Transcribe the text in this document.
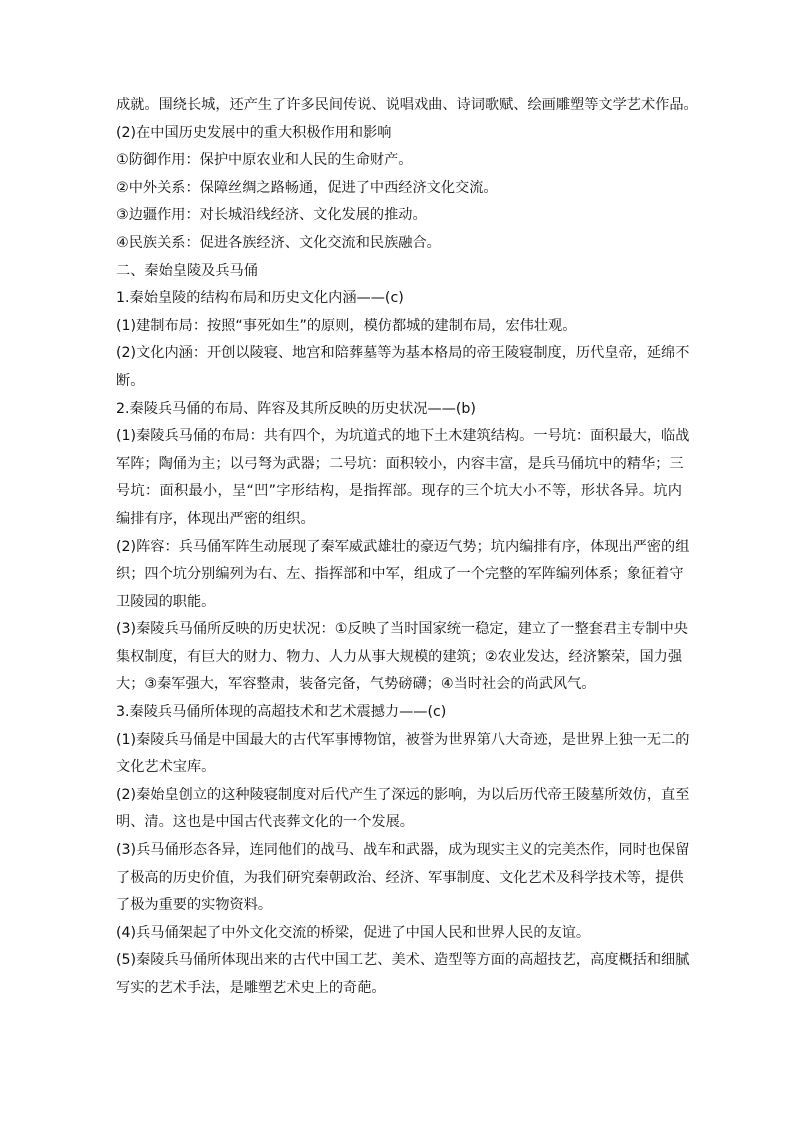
成就。围绕长城，还产生了许多民间传说、说唱戏曲、诗词歌赋、绘画雕塑等文学艺术作品。
(2)在中国历史发展中的重大积极作用和影响
①防御作用：保护中原农业和人民的生命财产。
②中外关系：保障丝绸之路畅通，促进了中西经济文化交流。
③边疆作用：对长城沿线经济、文化发展的推动。
④民族关系：促进各族经济、文化交流和民族融合。
二、秦始皇陵及兵马俑
1.秦始皇陵的结构布局和历史文化内涵——(c)
(1)建制布局：按照“事死如生”的原则，模仿都城的建制布局，宏伟壮观。
(2)文化内涵：开创以陵寝、地宫和陪葬墓等为基本格局的帝王陵寝制度，历代皇帝，延绵不
断。
2.秦陵兵马俑的布局、阵容及其所反映的历史状况——(b)
(1)秦陵兵马俑的布局：共有四个，为坑道式的地下土木建筑结构。一号坑：面积最大，临战
军阵；陶俑为主；以弓弩为武器；二号坑：面积较小，内容丰富，是兵马俑坑中的精华；三
号坑：面积最小，呈“凹”字形结构，是指挥部。现存的三个坑大小不等，形状各异。坑内
编排有序，体现出严密的组织。
(2)阵容：兵马俑军阵生动展现了秦军威武雄壮的豪迈气势；坑内编排有序，体现出严密的组
织；四个坑分别编列为右、左、指挥部和中军，组成了一个完整的军阵编列体系；象征着守
卫陵园的职能。
(3)秦陵兵马俑所反映的历史状况：①反映了当时国家统一稳定，建立了一整套君主专制中央
集权制度，有巨大的财力、物力、人力从事大规模的建筑；②农业发达，经济繁荣，国力强
大；③秦军强大，军容整肃，装备完备，气势磅礴；④当时社会的尚武风气。
3.秦陵兵马俑所体现的高超技术和艺术震撼力——(c)
(1)秦陵兵马俑是中国最大的古代军事博物馆，被誉为世界第八大奇迹，是世界上独一无二的
文化艺术宝库。
(2)秦始皇创立的这种陵寝制度对后代产生了深远的影响，为以后历代帝王陵墓所效仿，直至
明、清。这也是中国古代丧葬文化的一个发展。
(3)兵马俑形态各异，连同他们的战马、战车和武器，成为现实主义的完美杰作，同时也保留
了极高的历史价值，为我们研究秦朝政治、经济、军事制度、文化艺术及科学技术等，提供
了极为重要的实物资料。
(4)兵马俑架起了中外文化交流的桥梁，促进了中国人民和世界人民的友谊。
(5)秦陵兵马俑所体现出来的古代中国工艺、美术、造型等方面的高超技艺，高度概括和细腻
写实的艺术手法，是雕塑艺术史上的奇葩。
